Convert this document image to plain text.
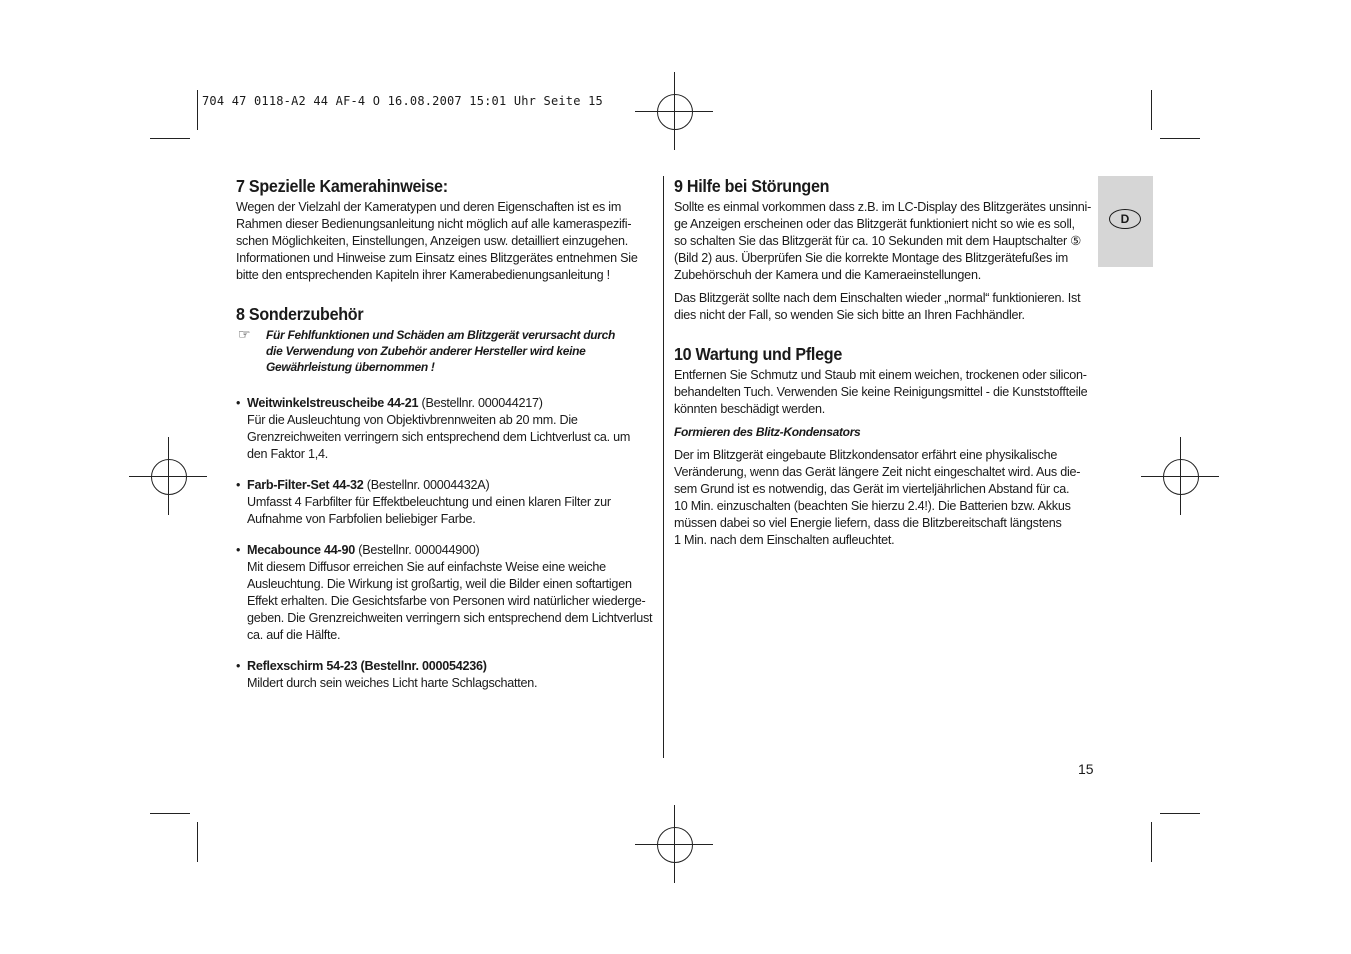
704 47 0118-A2 44 AF-4 O 16.08.2007 15:01 Uhr Seite 15
D
7 Spezielle Kamerahinweise:

Wegen der Vielzahl der Kameratypen und deren Eigenschaften ist es im

Rahmen dieser Bedienungsanleitung nicht möglich auf alle kameraspezifi-

schen Möglichkeiten, Einstellungen, Anzeigen usw. detailliert einzugehen.

Informationen und Hinweise zum Einsatz eines Blitzgerätes entnehmen Sie

bitte den entsprechenden Kapiteln ihrer Kamerabedienungsanleitung !

8 Sonderzubehör
☞	Für Fehlfunktionen und Schäden am Blitzgerät verursacht durch
die Verwendung von Zubehör anderer Hersteller wird keine
Gewährleistung übernommen !
• Weitwinkelstreuscheibe 44-21 (Bestellnr. 000044217)

Für die Ausleuchtung von Objektivbrennweiten ab 20 mm. Die

Grenzreichweiten verringern sich entsprechend dem Lichtverlust ca. um

den Faktor 1,4.

• Farb-Filter-Set 44-32 (Bestellnr. 00004432A)

Umfasst 4 Farbfilter für Effektbeleuchtung und einen klaren Filter zur

Aufnahme von Farbfolien beliebiger Farbe.

• Mecabounce 44-90 (Bestellnr. 000044900)

Mit diesem Diffusor erreichen Sie auf einfachste Weise eine weiche

Ausleuchtung. Die Wirkung ist großartig, weil die Bilder einen softartigen

Effekt erhalten. Die Gesichtsfarbe von Personen wird natürlicher wiederge-

geben. Die Grenzreichweiten verringern sich entsprechend dem Lichtverlust

ca. auf die Hälfte.

• Reflexschirm 54-23 (Bestellnr. 000054236)

Mildert durch sein weiches Licht harte Schlagschatten.

9 Hilfe bei Störungen

Sollte es einmal vorkommen dass z.B. im LC-Display des Blitzgerätes unsinni-

ge Anzeigen erscheinen oder das Blitzgerät funktioniert nicht so wie es soll,

so schalten Sie das Blitzgerät für ca. 10 Sekunden mit dem Hauptschalter ⑤

(Bild 2) aus. Überprüfen Sie die korrekte Montage des Blitzgerätefußes im

Zubehörschuh der Kamera und die Kameraeinstellungen.

Das Blitzgerät sollte nach dem Einschalten wieder „normal“ funktionieren. Ist

dies nicht der Fall, so wenden Sie sich bitte an Ihren Fachhändler.

10 Wartung und Pflege

Entfernen Sie Schmutz und Staub mit einem weichen, trockenen oder silicon-

behandelten Tuch. Verwenden Sie keine Reinigungsmittel - die Kunststoffteile

könnten beschädigt werden.

Formieren des Blitz-Kondensators

Der im Blitzgerät eingebaute Blitzkondensator erfährt eine physikalische

Veränderung, wenn das Gerät längere Zeit nicht eingeschaltet wird. Aus die-

sem Grund ist es notwendig, das Gerät im vierteljährlichen Abstand für ca.

10 Min. einzuschalten (beachten Sie hierzu 2.4!). Die Batterien bzw. Akkus

müssen dabei so viel Energie liefern, dass die Blitzbereitschaft längstens

1 Min. nach dem Einschalten aufleuchtet.

15
